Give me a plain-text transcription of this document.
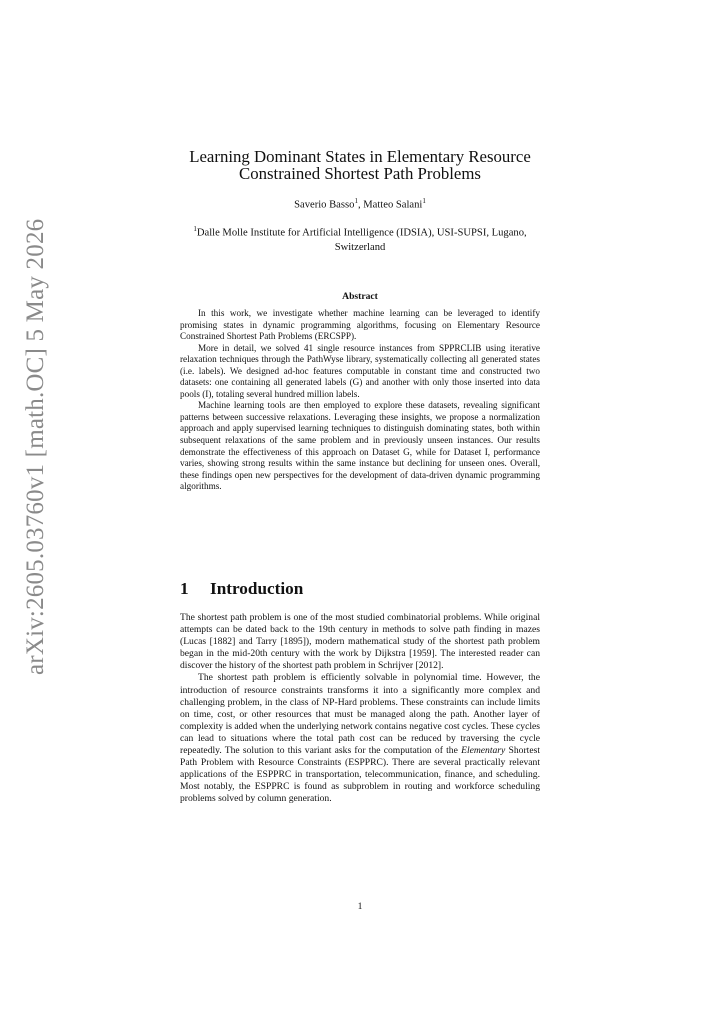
arXiv:2605.03760v1 [math.OC] 5 May 2026
Learning Dominant States in Elementary Resource
Constrained Shortest Path Problems
Saverio Basso$^1$, Matteo Salani$^1$
$^1$Dalle Molle Institute for Artificial Intelligence (IDSIA), USI-SUPSI, Lugano,
Switzerland
Abstract

In this work, we investigate whether machine learning can be leveraged to identify promising states in dynamic programming algorithms, focusing on Elementary Resource Constrained Shortest Path Problems (ERCSPP).

More in detail, we solved 41 single resource instances from SPPRCLIB using iterative relaxation techniques through the PathWyse library, systematically collecting all generated states (i.e. labels). We designed ad-hoc features computable in constant time and constructed two datasets: one containing all generated labels (G) and another with only those inserted into data pools (I), totaling several hundred million labels.

Machine learning tools are then employed to explore these datasets, revealing significant patterns between successive relaxations. Leveraging these insights, we propose a normalization approach and apply supervised learning techniques to distinguish dominating states, both within subsequent relaxations of the same problem and in previously unseen instances. Our results demonstrate the effectiveness of this approach on Dataset G, while for Dataset I, performance varies, showing strong results within the same instance but declining for unseen ones. Overall, these findings open new perspectives for the development of data-driven dynamic programming algorithms.

1 Introduction

The shortest path problem is one of the most studied combinatorial problems. While original attempts can be dated back to the 19th century in methods to solve path finding in mazes (Lucas [1882] and Tarry [1895]), modern mathematical study of the shortest path problem began in the mid-20th century with the work by Dijkstra [1959]. The interested reader can discover the history of the shortest path problem in Schrijver [2012].

The shortest path problem is efficiently solvable in polynomial time. However, the introduction of resource constraints transforms it into a significantly more complex and challenging problem, in the class of NP-Hard problems. These constraints can include limits on time, cost, or other resources that must be managed along the path. Another layer of complexity is added when the underlying network contains negative cost cycles. These cycles can lead to situations where the total path cost can be reduced by traversing the cycle repeatedly. The solution to this variant asks for the computation of the Elementary Shortest Path Problem with Resource Constraints (ESPPRC). There are several practically relevant applications of the ESPPRC in transportation, telecommunication, finance, and scheduling. Most notably, the ESPPRC is found as subproblem in routing and workforce scheduling problems solved by column generation.

1
